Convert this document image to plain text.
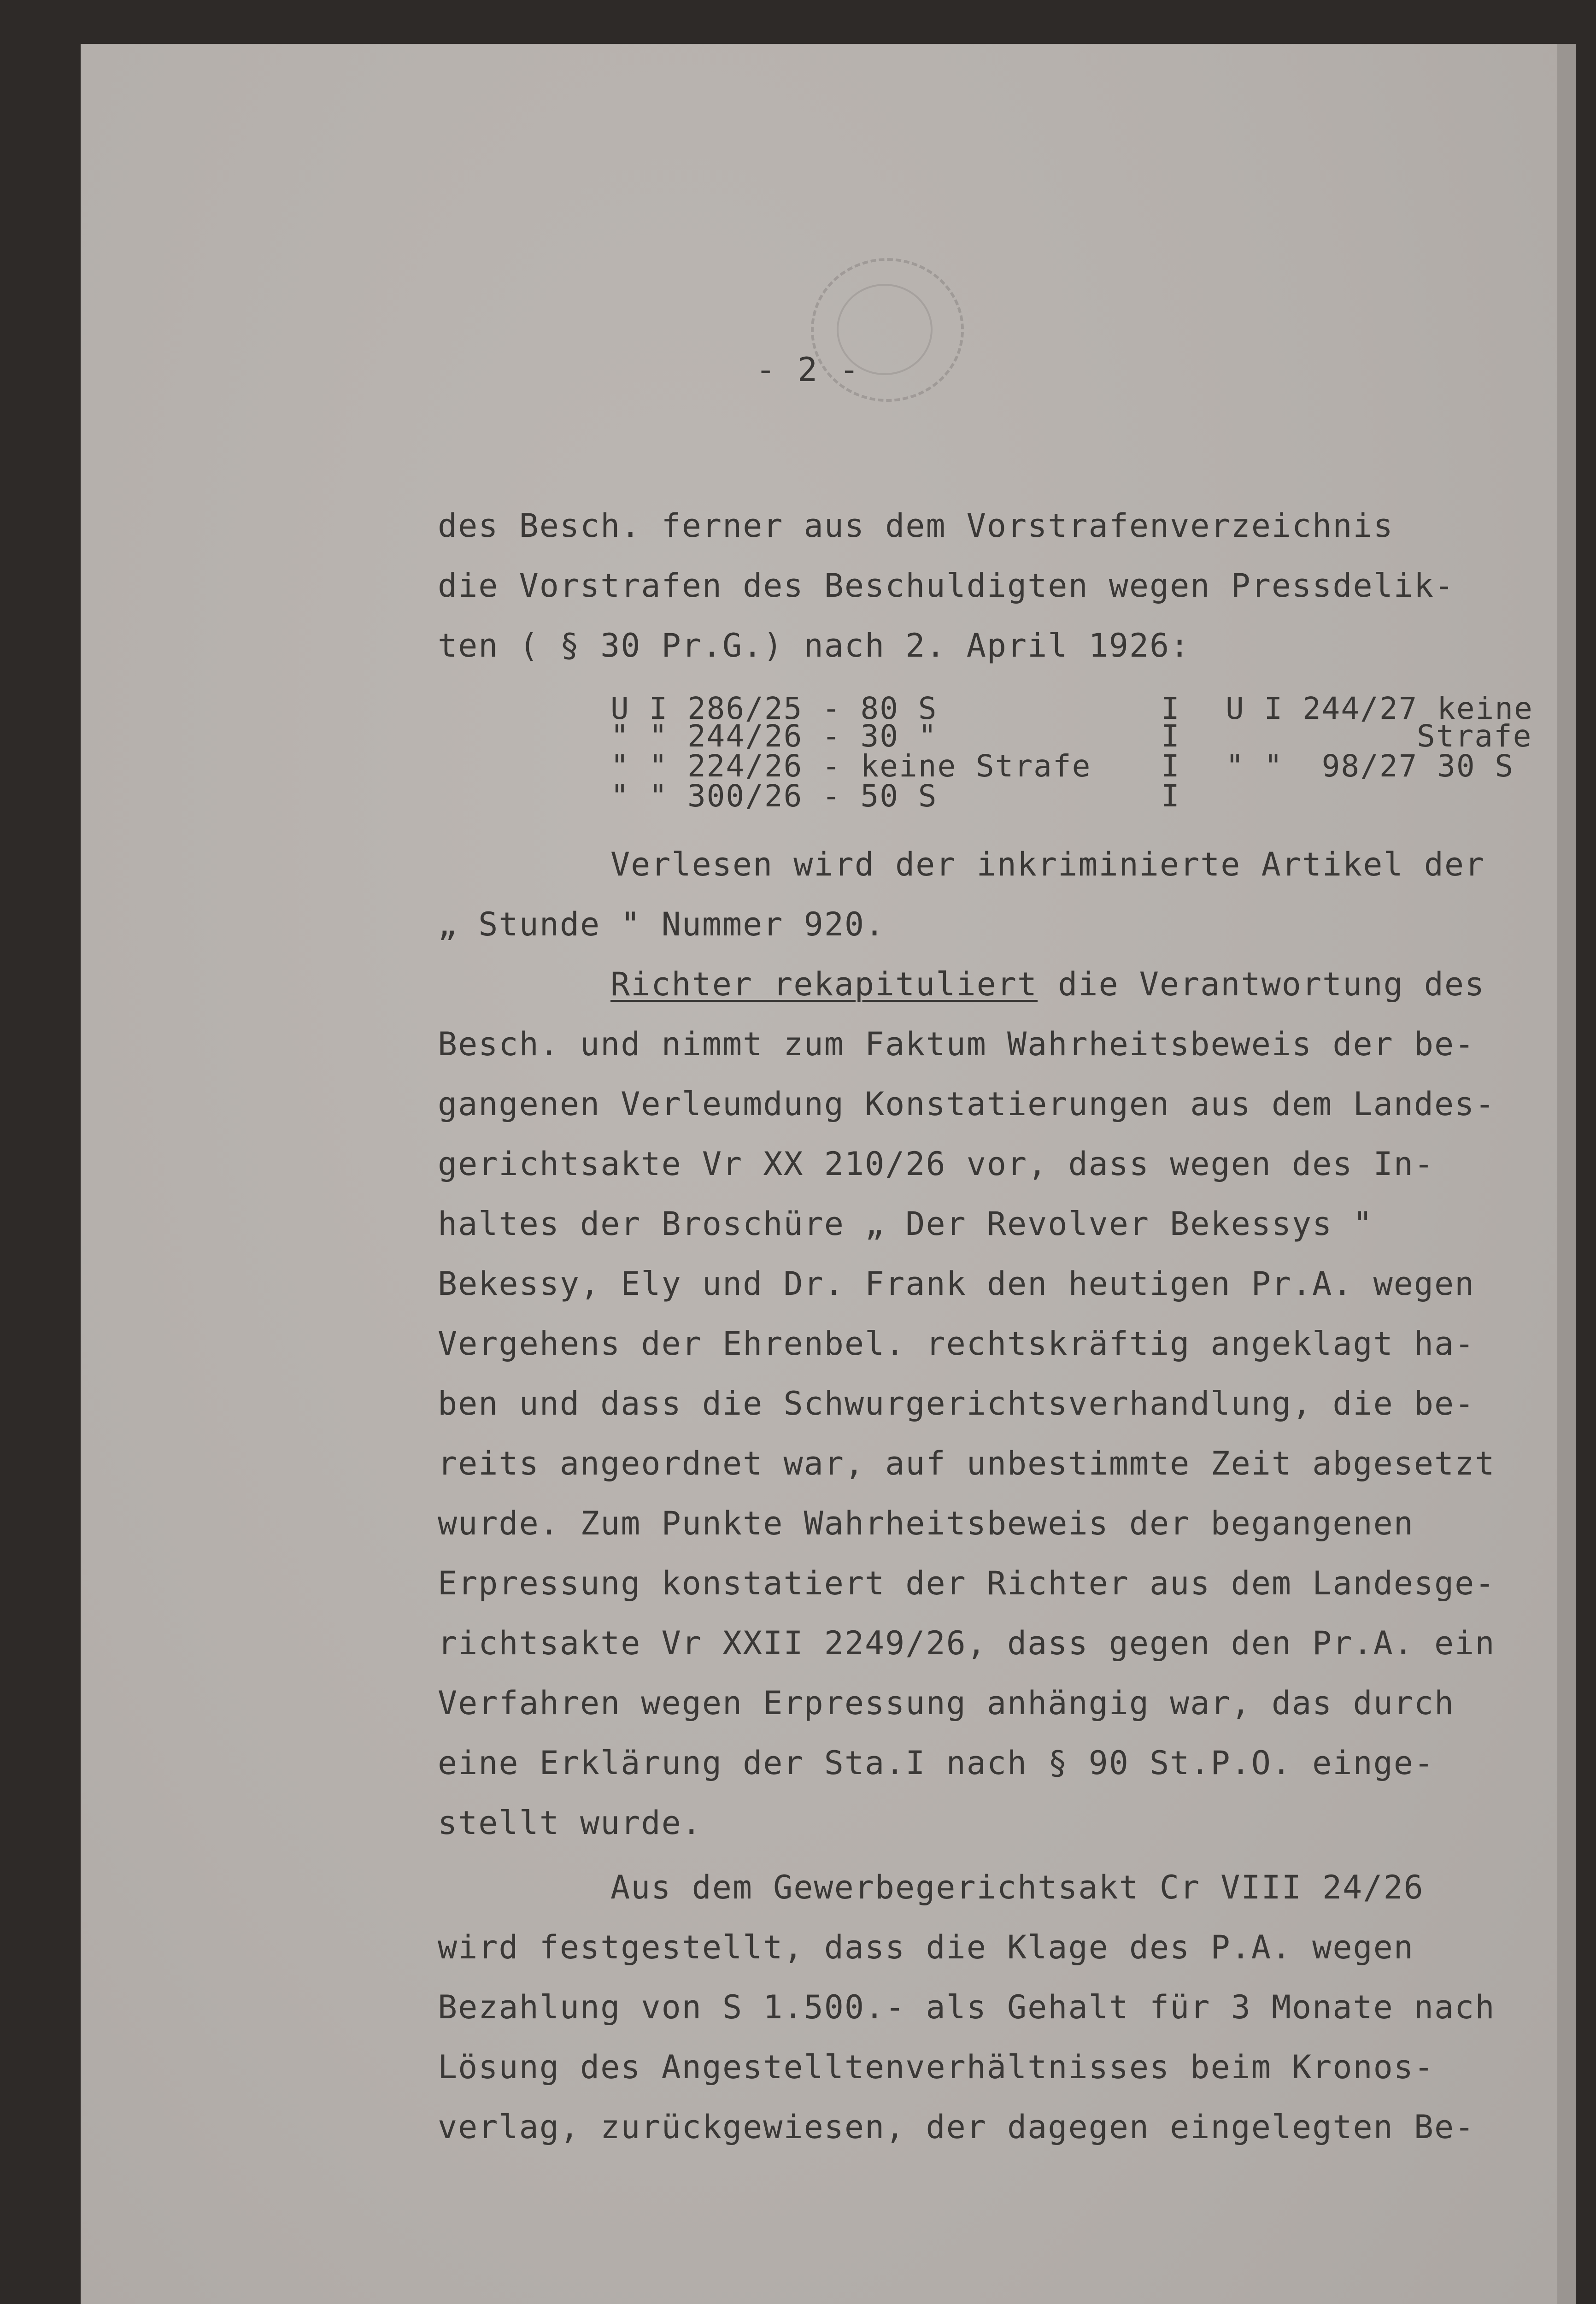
- 2 -
des Besch. ferner aus dem Vorstrafenverzeichnis
die Vorstrafen des Beschuldigten wegen Pressdelik-
ten ( § 30 Pr.G.) nach 2. April 1926:
U I 286/25 - 80 S
" " 244/26 - 30 "
" " 224/26 - keine Strafe
" " 300/26 - 50 S
I
I
I
I
U I 244/27 keine
Strafe
" "  98/27 30 S
Verlesen wird der inkriminierte Artikel der
„ Stunde " Nummer 920.
Richter rekapituliert die Verantwortung des
Besch. und nimmt zum Faktum Wahrheitsbeweis der be-
gangenen Verleumdung Konstatierungen aus dem Landes-
gerichtsakte Vr XX 210/26 vor, dass wegen des In-
haltes der Broschüre „ Der Revolver Bekessys "
Bekessy, Ely und Dr. Frank den heutigen Pr.A. wegen
Vergehens der Ehrenbel. rechtskräftig angeklagt ha-
ben und dass die Schwurgerichtsverhandlung, die be-
reits angeordnet war, auf unbestimmte Zeit abgesetzt
wurde. Zum Punkte Wahrheitsbeweis der begangenen
Erpressung konstatiert der Richter aus dem Landesge-
richtsakte Vr XXII 2249/26, dass gegen den Pr.A. ein
Verfahren wegen Erpressung anhängig war, das durch
eine Erklärung der Sta.I nach § 90 St.P.O. einge-
stellt wurde.
Aus dem Gewerbegerichtsakt Cr VIII 24/26
wird festgestellt, dass die Klage des P.A. wegen
Bezahlung von S 1.500.- als Gehalt für 3 Monate nach
Lösung des Angestelltenverhältnisses beim Kronos-
verlag, zurückgewiesen, der dagegen eingelegten Be-
